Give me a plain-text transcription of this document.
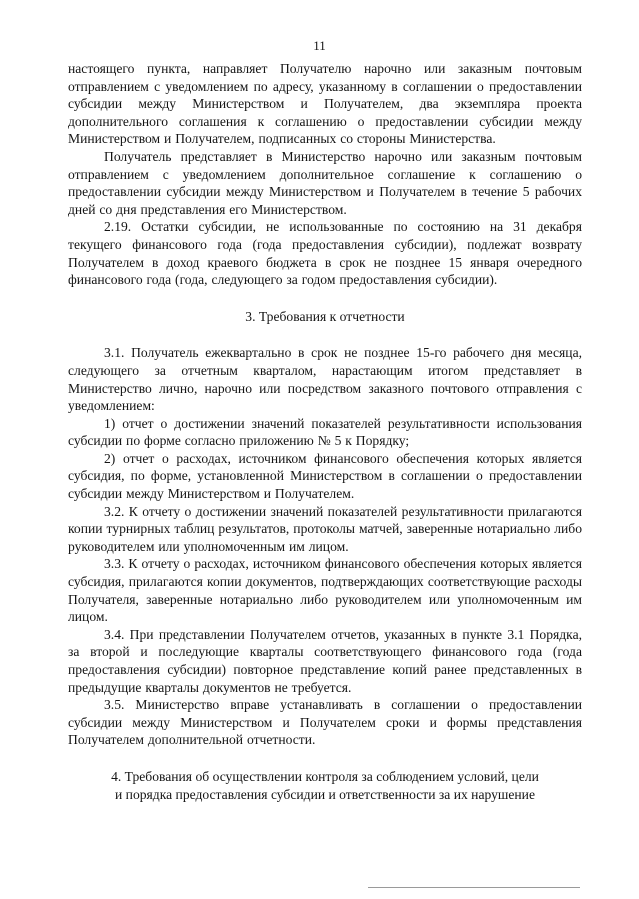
11

настоящего пункта, направляет Получателю нарочно или заказным почтовым отправлением с уведомлением по адресу, указанному в соглашении о предоставлении субсидии между Министерством и Получателем, два экземпляра проекта дополнительного соглашения к соглашению о предоставлении субсидии между Министерством и Получателем, подписанных со стороны Министерства.

Получатель представляет в Министерство нарочно или заказным почтовым отправлением с уведомлением дополнительное соглашение к соглашению о предоставлении субсидии между Министерством и Получателем в течение 5 рабочих дней со дня представления его Министерством.

2.19. Остатки субсидии, не использованные по состоянию на 31 декабря текущего финансового года (года предоставления субсидии), подлежат возврату Получателем в доход краевого бюджета в срок не позднее 15 января очередного финансового года (года, следующего за годом предоставления субсидии).

3. Требования к отчетности

3.1. Получатель ежеквартально в срок не позднее 15-го рабочего дня месяца, следующего за отчетным кварталом, нарастающим итогом представляет в Министерство лично, нарочно или посредством заказного почтового отправления с уведомлением:

1) отчет о достижении значений показателей результативности использования субсидии по форме согласно приложению № 5 к Порядку;

2) отчет о расходах, источником финансового обеспечения которых является субсидия, по форме, установленной Министерством в соглашении о предоставлении субсидии между Министерством и Получателем.

3.2. К отчету о достижении значений показателей результативности прилагаются копии турнирных таблиц результатов, протоколы матчей, заверенные нотариально либо руководителем или уполномоченным им лицом.

3.3. К отчету о расходах, источником финансового обеспечения которых является субсидия, прилагаются копии документов, подтверждающих соответствующие расходы Получателя, заверенные нотариально либо руководителем или уполномоченным им лицом.

3.4. При представлении Получателем отчетов, указанных в пункте 3.1 Порядка, за второй и последующие кварталы соответствующего финансового года (года предоставления субсидии) повторное представление копий ранее представленных в предыдущие кварталы документов не требуется.

3.5. Министерство вправе устанавливать в соглашении о предоставлении субсидии между Министерством и Получателем сроки и формы представления Получателем дополнительной отчетности.

4. Требования об осуществлении контроля за соблюдением условий, цели
и порядка предоставления субсидии и ответственности за их нарушение
